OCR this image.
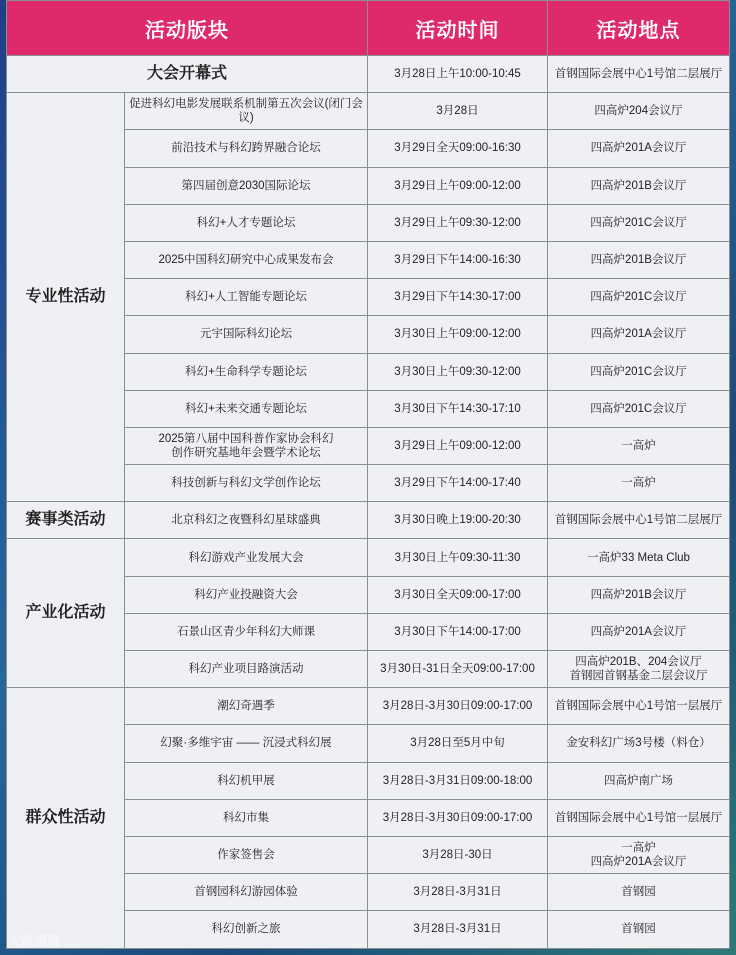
活动版块		活动时间	活动地点
大会开幕式		3月28日上午10:00-10:45	首钢国际会展中心1号馆二层展厅
专业性活动	促进科幻电影发展联系机制第五次会议(闭门会议)	3月28日	四高炉204会议厅
	前沿技术与科幻跨界融合论坛	3月29日全天09:00-16:30	四高炉201A会议厅
	第四届创意2030国际论坛	3月29日上午09:00-12:00	四高炉201B会议厅
	科幻+人才专题论坛	3月29日上午09:30-12:00	四高炉201C会议厅
	2025中国科幻研究中心成果发布会	3月29日下午14:00-16:30	四高炉201B会议厅
	科幻+人工智能专题论坛	3月29日下午14:30-17:00	四高炉201C会议厅
	元宇国际科幻论坛	3月30日上午09:00-12:00	四高炉201A会议厅
	科幻+生命科学专题论坛	3月30日上午09:30-12:00	四高炉201C会议厅
	科幻+未来交通专题论坛	3月30日下午14:30-17:10	四高炉201C会议厅
	2025第八届中国科普作家协会科幻
创作研究基地年会暨学术论坛	3月29日上午09:00-12:00	一高炉
	科技创新与科幻文学创作论坛	3月29日下午14:00-17:40	一高炉
赛事类活动	北京科幻之夜暨科幻星球盛典	3月30日晚上19:00-20:30	首钢国际会展中心1号馆二层展厅
产业化活动	科幻游戏产业发展大会	3月30日上午09:30-11:30	一高炉33 Meta Club
	科幻产业投融资大会	3月30日全天09:00-17:00	四高炉201B会议厅
	石景山区青少年科幻大师课	3月30日下午14:00-17:00	四高炉201A会议厅
	科幻产业项目路演活动	3月30日-31日全天09:00-17:00	四高炉201B、204会议厅
首钢园首钢基金二层会议厅
群众性活动	潮幻奇遇季	3月28日-3月30日09:00-17:00	首钢国际会展中心1号馆一层展厅
	幻聚·多维宇宙 —— 沉浸式科幻展	3月28日至5月中旬	金安科幻广场3号楼（料仓）
	科幻机甲展	3月28日-3月31日09:00-18:00	四高炉南广场
	科幻市集	3月28日-3月30日09:00-17:00	首钢国际会展中心1号馆一层展厅
	作家签售会	3月28日-30日	一高炉
四高炉201A会议厅
	首钢园科幻游园体验	3月28日-3月31日	首钢园
	科幻创新之旅	3月28日-3月31日	首钢园
大敗溶境
